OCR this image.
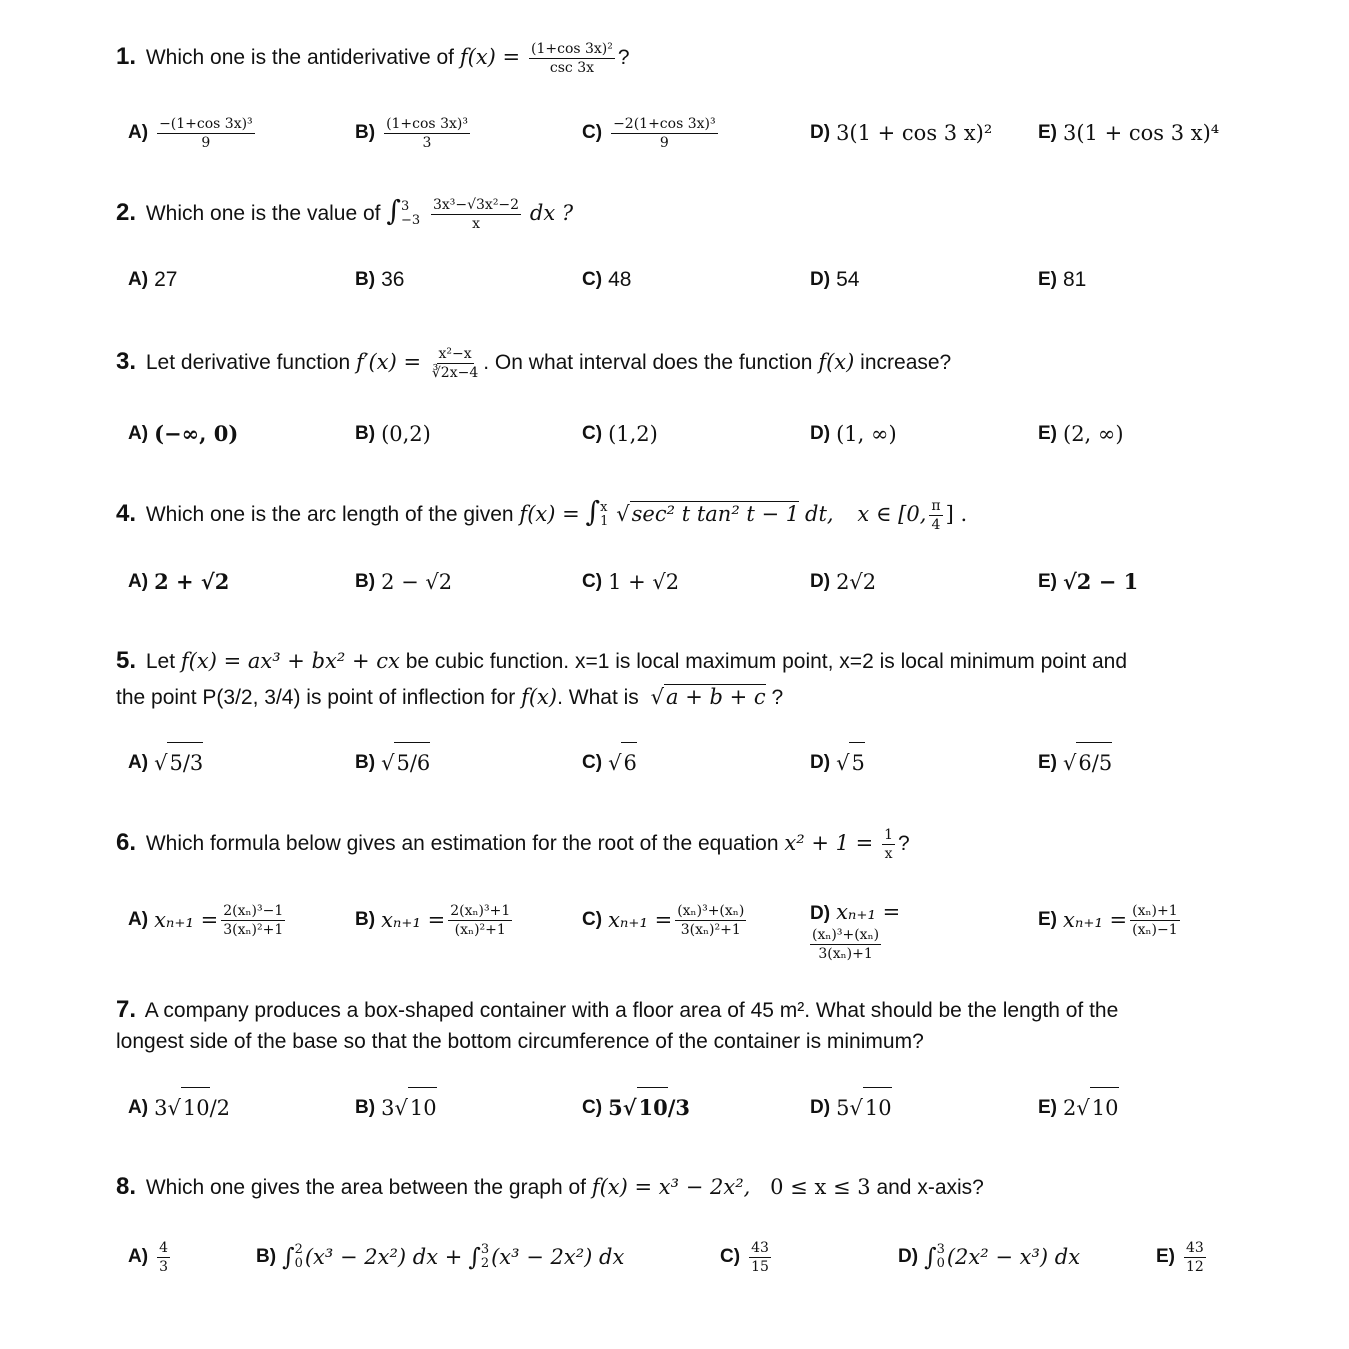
1. Which one is the antiderivative of $f(x) = \frac{\text{(1+cos 3x)²}}{\csc 3x}$ ?
$A) \frac{\text{−(1+cos 3x)³}}{9}$	$B) \frac{\text{(1+cos 3x)³}}{3}$	$C) \frac{\text{−2(1+cos 3x)³}}{9}$	D) 3(1 + cos 3 x)² E) 3(1 + cos 3 x)⁴
2. Which one is the value of ∫ 3
−3
$\frac{\text{3x³−√3x²−2}}{x}$ dx ?
A) 27	B) 36	C) 48	D) 54	E) 81
3. Let derivative function $f'(x) = \frac{\text{x²−x}}{∛2x-4}$ . On what interval does the function f(x) increase?
A) (−∞, 0)	B) (0,2)	C) (1,2)	D) (1, ∞)	E) (2, ∞)
4. Which one is the arc length of the given f(x) = ∫ x
1 √sec² t tan² t − 1 dt, x ∈ [0, $\frac{\pi}{4}$ ] .
A) 2 + √2	B) 2 − √2	C) 1 + √2	D) 2√2	E) √2 − 1
5. Let f(x) = ax³ + bx² + cx be cubic function. x=1 is local maximum point, x=2 is local minimum point and
the point P(3/2, 3/4) is point of inflection for f(x). What is √a + b + c ?
A) √ 5/3	B) √ 5/6	C) √ 6	D) √ 5	E) √ 6/5
6. Which formula below gives an estimation for the root of the equation $x^2 + 1 = \frac{1}{x}$ ?
A) $x_{n+1} = \frac{\text{2(xₙ)³−1}}{\text{3(xₙ)²+1}}$	B) $x_{n+1} = \frac{\text{2(xₙ)³+1}}{\text{(xₙ)²+1}}$	C) $x_{n+1} = \frac{\text{(xₙ)³+(xₙ)}}{\text{3(xₙ)²+1}}$	D) xₙ₊₁ =
$\frac{\text{(xₙ)³+(xₙ)}}{\text{3(xₙ)+1}}$
E) $x_{n+1} = \frac{\text{(xₙ)+1}}{\text{(xₙ)−1}}$
7. A company produces a box-shaped container with a floor area of 45 m². What should be the length of the
longest side of the base so that the bottom circumference of the container is minimum?
A) 3 √ 10 /2	B) 3 √ 10	C) 5 √ 10 /3	D) 5 √ 10	E) 2 √ 10
8. Which one gives the area between the graph of f(x) = x³ − 2x², 0 ≤ x ≤ 3 and x-axis?
$A) \frac{4}{3}$	B) ∫ 2
0 (x³ − 2x²) dx + ∫ 3
2 (x³ − 2x²) dx	$C) \frac{43}{15}$	D) ∫ 3
0 (2x² − x³) dx	$E) \frac{43}{12}$
